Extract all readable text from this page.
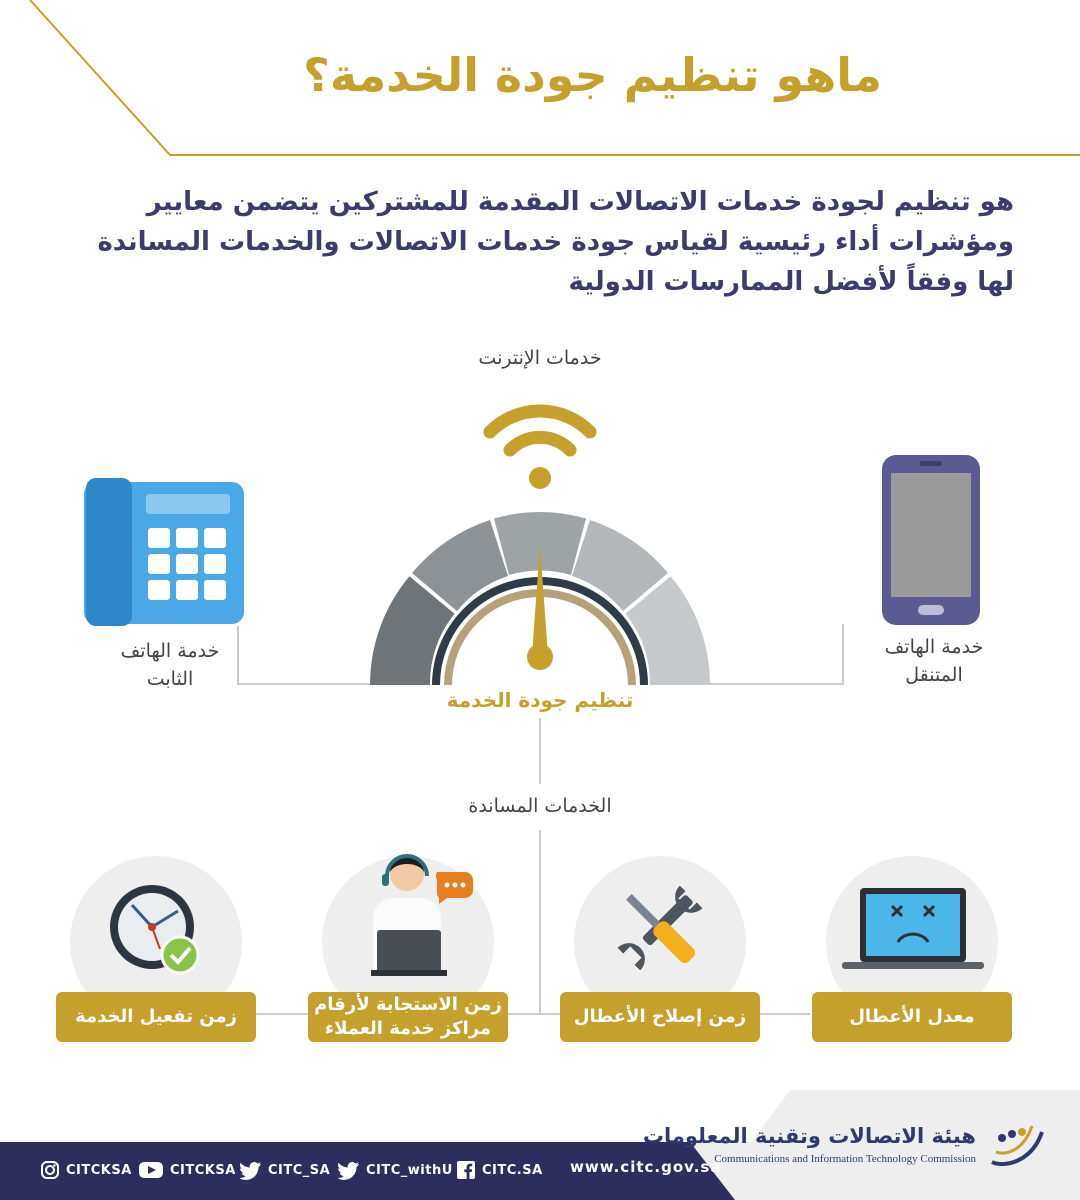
ماهو تنظيم جودة الخدمة؟
هو تنظيم لجودة خدمات الاتصالات المقدمة للمشتركين يتضمن معايير
ومؤشرات أداء رئيسية لقياس جودة خدمات الاتصالات والخدمات المساندة
لها وفقاً لأفضل الممارسات الدولية
خدمات الإنترنت
تنظيم جودة الخدمة
خدمة الهاتف
الثابت
خدمة الهاتف
المتنقل
الخدمات المساندة
زمن تفعيل الخدمة
زمن الاستجابة لأرقام
مراكز خدمة العملاء
زمن إصلاح الأعطال	معدل الأعطال
CITCKSA	CITCKSA CITC_SA	CITC_withU CITC.SA www.citc.gov.sa
هيئة الاتصالات وتقنية المعلومات
Communications and Information Technology Commission
